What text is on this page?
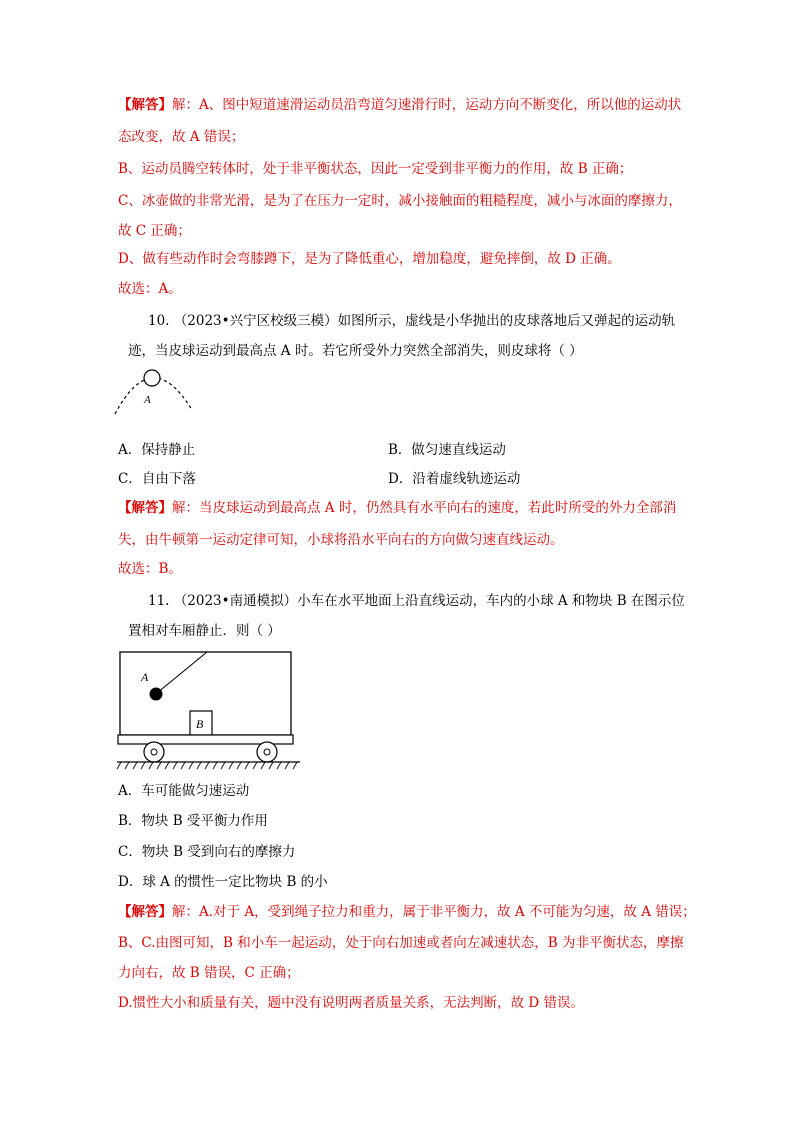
【解答】解：A、图中短道速滑运动员沿弯道匀速滑行时，运动方向不断变化，所以他的运动状
态改变，故 A 错误；
B、运动员腾空转体时，处于非平衡状态，因此一定受到非平衡力的作用，故 B 正确；
C、冰壶做的非常光滑，是为了在压力一定时，减小接触面的粗糙程度，减小与冰面的摩擦力，
故 C 正确；
D、做有些动作时会弯膝蹲下，是为了降低重心，增加稳度，避免摔倒，故 D 正确。
故选：A。
10. （2023•兴宁区校级三模）如图所示，虚线是小华抛出的皮球落地后又弹起的运动轨
迹，当皮球运动到最高点 A 时。若它所受外力突然全部消失，则皮球将（ ）
A
A．保持静止	B．做匀速直线运动
C．自由下落	D．沿着虚线轨迹运动
【解答】解：当皮球运动到最高点 A 时，仍然具有水平向右的速度，若此时所受的外力全部消
失，由牛顿第一运动定律可知，小球将沿水平向右的方向做匀速直线运动。
故选：B。
11. （2023•南通模拟）小车在水平地面上沿直线运动，车内的小球 A 和物块 B 在图示位
置相对车厢静止．则（ ）
A
B
A．车可能做匀速运动
B．物块 B 受平衡力作用
C．物块 B 受到向右的摩擦力
D．球 A 的惯性一定比物块 B 的小
【解答】解：A.对于 A，受到绳子拉力和重力，属于非平衡力，故 A 不可能为匀速，故 A 错误；
B、C.由图可知，B 和小车一起运动，处于向右加速或者向左减速状态，B 为非平衡状态，摩擦
力向右，故 B 错误，C 正确；
D.惯性大小和质量有关，题中没有说明两者质量关系，无法判断，故 D 错误。
